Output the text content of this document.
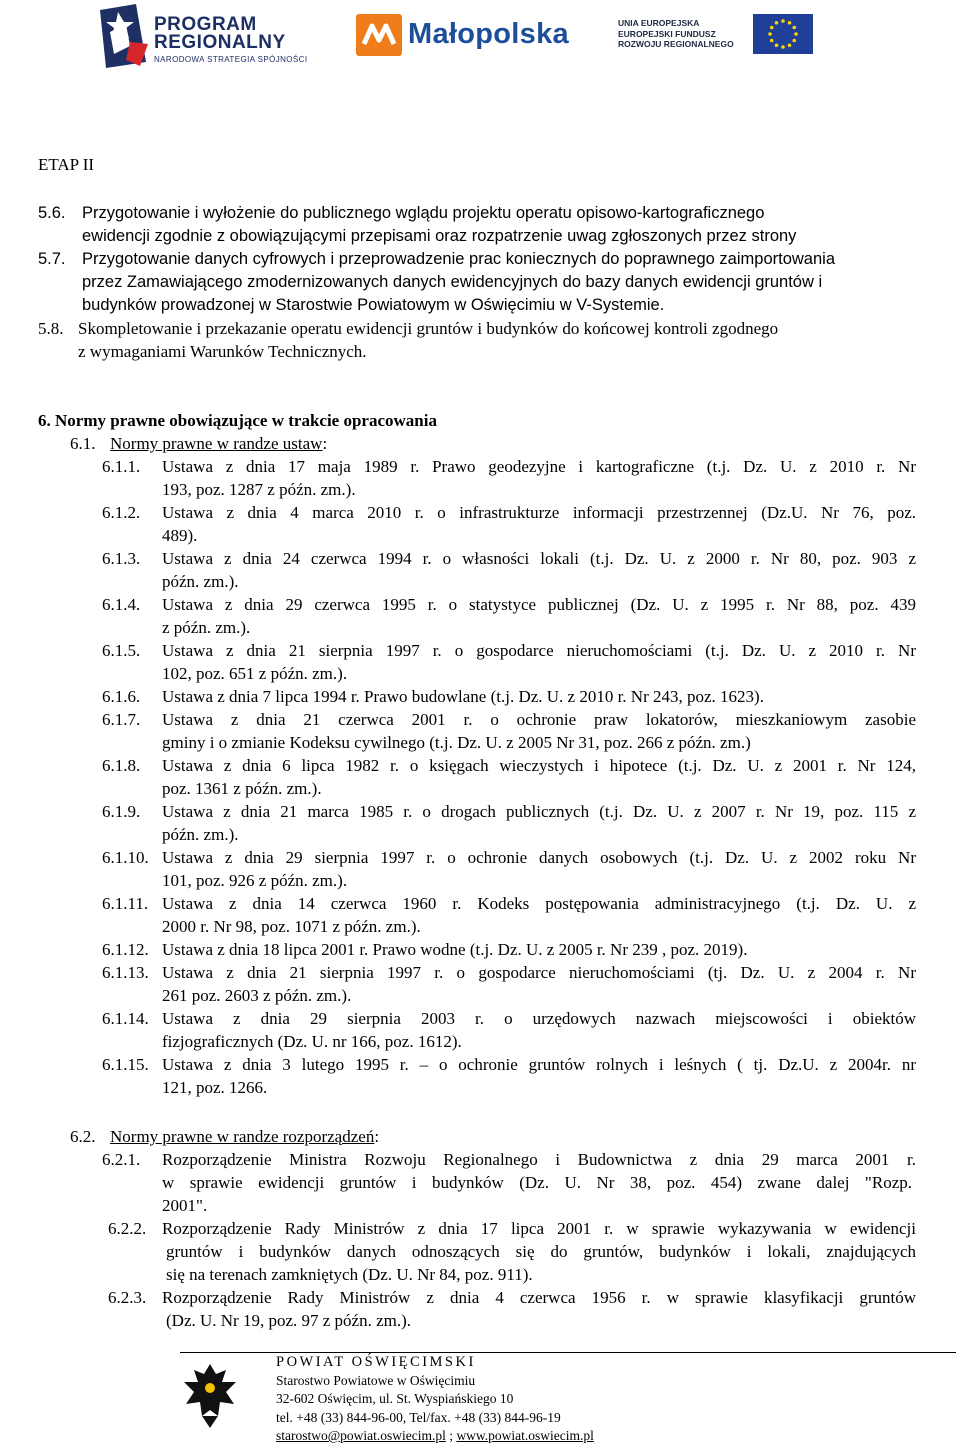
PROGRAM
REGIONALNY
NARODOWA STRATEGIA SPÓJNOŚCI
Małopolska	UNIA EUROPEJSKA
EUROPEJSKI FUNDUSZ
ROZWOJU REGIONALNEGO
ETAP II
5.6. Przygotowanie i wyłożenie do publicznego wglądu projektu operatu opisowo-kartograficznego
ewidencji zgodnie z obowiązującymi przepisami oraz rozpatrzenie uwag zgłoszonych przez strony
5.7. Przygotowanie danych cyfrowych i przeprowadzenie prac koniecznych do poprawnego zaimportowania
przez Zamawiającego zmodernizowanych danych ewidencyjnych do bazy danych ewidencji gruntów i
budynków prowadzonej w Starostwie Powiatowym w Oświęcimiu w V-Systemie.
5.8. Skompletowanie i przekazanie operatu ewidencji gruntów i budynków do końcowej kontroli zgodnego
z wymaganiami Warunków Technicznych.
6. Normy prawne obowiązujące w trakcie opracowania
6.1. Normy prawne w randze ustaw:
6.1.1. Ustawa z dnia 17 maja 1989 r. Prawo geodezyjne i kartograficzne (t.j. Dz. U. z 2010 r. Nr
193, poz. 1287 z późn. zm.).
6.1.2. Ustawa z dnia 4 marca 2010 r. o infrastrukturze informacji przestrzennej (Dz.U. Nr 76, poz.
489).
6.1.3. Ustawa z dnia 24 czerwca 1994 r. o własności lokali (t.j. Dz. U. z 2000 r. Nr 80, poz. 903 z
późn. zm.).
6.1.4. Ustawa z dnia 29 czerwca 1995 r. o statystyce publicznej (Dz. U. z 1995 r. Nr 88, poz. 439
z późn. zm.).
6.1.5. Ustawa z dnia 21 sierpnia 1997 r. o gospodarce nieruchomościami (t.j. Dz. U. z 2010 r. Nr
102, poz. 651 z późn. zm.).
6.1.6. Ustawa z dnia 7 lipca 1994 r. Prawo budowlane (t.j. Dz. U. z 2010 r. Nr 243, poz. 1623).
6.1.7. Ustawa z dnia 21 czerwca 2001 r. o ochronie praw lokatorów, mieszkaniowym zasobie
gminy i o zmianie Kodeksu cywilnego (t.j. Dz. U. z 2005 Nr 31, poz. 266 z późn. zm.)
6.1.8. Ustawa z dnia 6 lipca 1982 r. o księgach wieczystych i hipotece (t.j. Dz. U. z 2001 r. Nr 124,
poz. 1361 z późn. zm.).
6.1.9. Ustawa z dnia 21 marca 1985 r. o drogach publicznych (t.j. Dz. U. z 2007 r. Nr 19, poz. 115 z
późn. zm.).
6.1.10. Ustawa z dnia 29 sierpnia 1997 r. o ochronie danych osobowych (t.j. Dz. U. z 2002 roku Nr
101, poz. 926 z późn. zm.).
6.1.11. Ustawa z dnia 14 czerwca 1960 r. Kodeks postępowania administracyjnego (t.j. Dz. U. z
2000 r. Nr 98, poz. 1071 z późn. zm.).
6.1.12. Ustawa z dnia 18 lipca 2001 r. Prawo wodne (t.j. Dz. U. z 2005 r. Nr 239 , poz. 2019).
6.1.13. Ustawa z dnia 21 sierpnia 1997 r. o gospodarce nieruchomościami (tj. Dz. U. z 2004 r. Nr
261 poz. 2603 z późn. zm.).
6.1.14. Ustawa z dnia 29 sierpnia 2003 r. o urzędowych nazwach miejscowości i obiektów
fizjograficznych (Dz. U. nr 166, poz. 1612).
6.1.15. Ustawa z dnia 3 lutego 1995 r. – o ochronie gruntów rolnych i leśnych ( tj. Dz.U. z 2004r. nr
121, poz. 1266.
6.2. Normy prawne w randze rozporządzeń:
6.2.1. Rozporządzenie Ministra Rozwoju Regionalnego i Budownictwa z dnia 29 marca 2001 r.
w sprawie ewidencji gruntów i budynków (Dz. U. Nr 38, poz. 454) zwane dalej "Rozp.
2001".
6.2.2. Rozporządzenie Rady Ministrów z dnia 17 lipca 2001 r. w sprawie wykazywania w ewidencji
gruntów i budynków danych odnoszących się do gruntów, budynków i lokali, znajdujących
się na terenach zamkniętych (Dz. U. Nr 84, poz. 911).
6.2.3. Rozporządzenie Rady Ministrów z dnia 4 czerwca 1956 r. w sprawie klasyfikacji gruntów
(Dz. U. Nr 19, poz. 97 z późn. zm.).
POWIAT OŚWIĘCIMSKI
Starostwo Powiatowe w Oświęcimiu
32-602 Oświęcim, ul. St. Wyspiańskiego 10
tel. +48 (33) 844-96-00, Tel/fax. +48 (33) 844-96-19
starostwo@powiat.oswiecim.pl ; www.powiat.oswiecim.pl
